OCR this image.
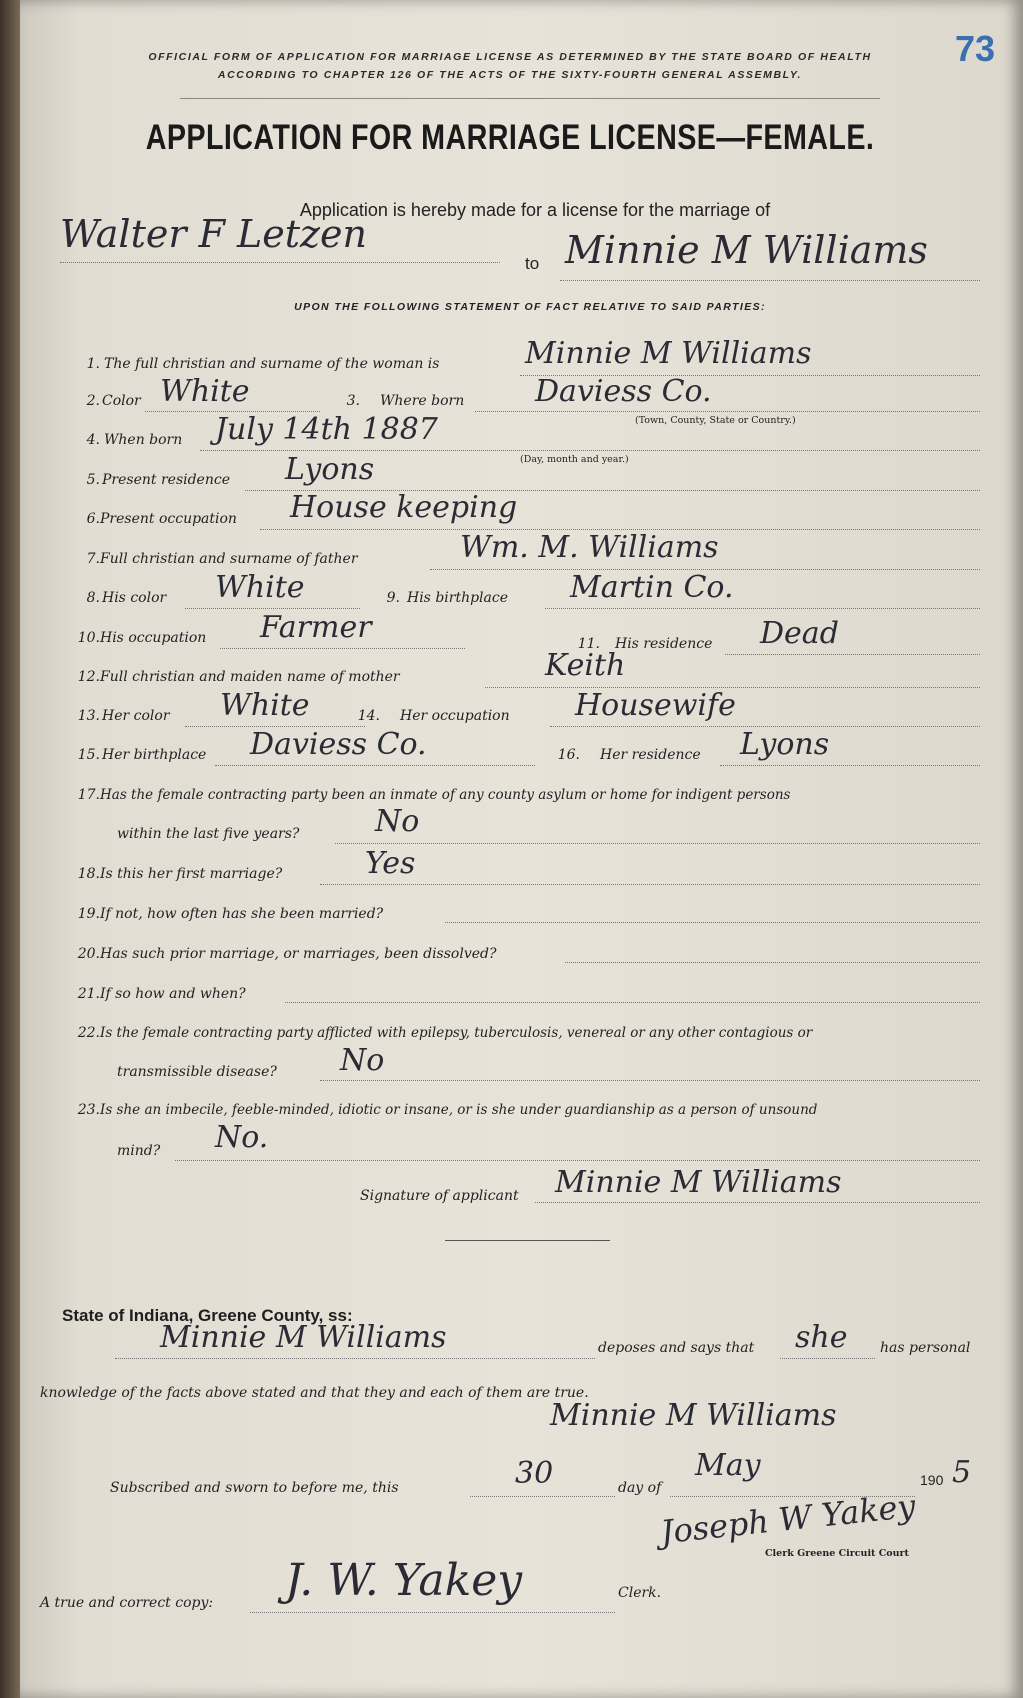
73
OFFICIAL FORM OF APPLICATION FOR MARRIAGE LICENSE AS DETERMINED BY THE STATE BOARD OF HEALTH
ACCORDING TO CHAPTER 126 OF THE ACTS OF THE SIXTY-FOURTH GENERAL ASSEMBLY.
APPLICATION FOR MARRIAGE LICENSE—FEMALE.
Application is hereby made for a license for the marriage of
Walter F Letzen
to Minnie M Williams
UPON THE FOLLOWING STATEMENT OF FACT RELATIVE TO SAID PARTIES:
1. The full christian and surname of the woman is	Minnie M Williams
2. Color White	3. Where born Daviess Co.
(Town, County, State or Country.)
4. When born July 14th 1887
(Day, month and year.)
5. Present residence Lyons
6. Present occupation House keeping
7. Full christian and surname of father	Wm. M. Williams
8. His color White	9. His birthplace Martin Co.
10. His occupation Farmer	11. His residence Dead
12. Full christian and maiden name of mother	Keith
13. Her color White	14. Her occupation Housewife
15. Her birthplace Daviess Co.	16. Her residence Lyons
17. Has the female contracting party been an inmate of any county asylum or home for indigent persons
within the last five years?	No
18. Is this her first marriage?	Yes
19. If not, how often has she been married?
20. Has such prior marriage, or marriages, been dissolved?
21. If so how and when?
22. Is the female contracting party afflicted with epilepsy, tuberculosis, venereal or any other contagious or
transmissible disease? No
23. Is she an imbecile, feeble-minded, idiotic or insane, or is she under guardianship as a person of unsound
mind? No.
Signature of applicant Minnie M Williams
State of Indiana, Greene County, ss:
Minnie M Williams	deposes and says that she has personal
knowledge of the facts above stated and that they and each of them are true.
Minnie M Williams
Subscribed and sworn to before me, this	30	day of
May	190 5
Joseph W Yakey
Clerk Greene Circuit Court
A true and correct copy: J. W. Yakey	Clerk.
